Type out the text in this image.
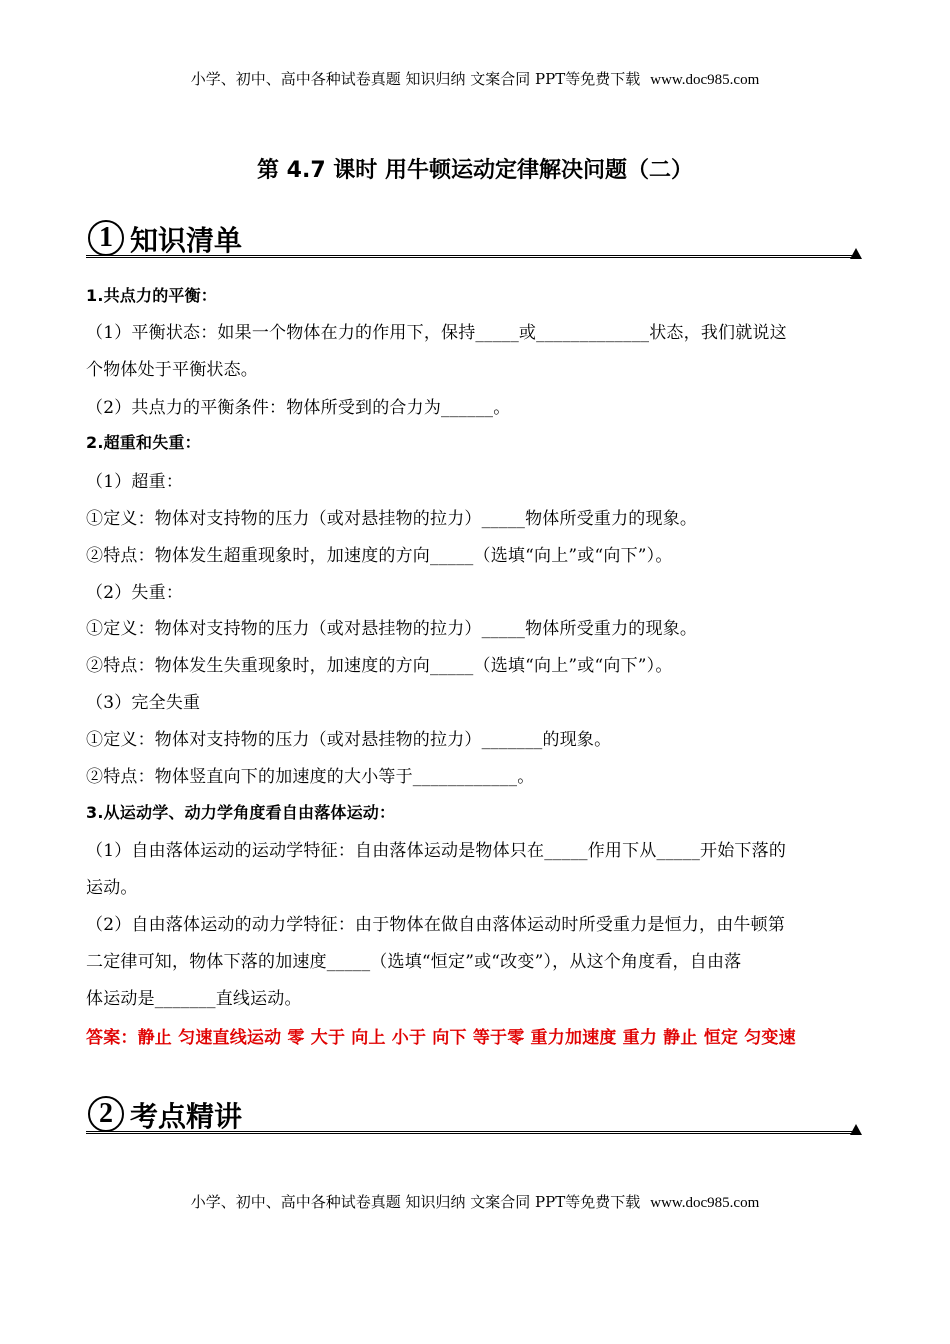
小学、初中、高中各种试卷真题 知识归纳 文案合同 PPT等免费下载 www.doc985.com
第 4.7 课时 用牛顿运动定律解决问题（二）
1 知识清单
1.共点力的平衡：
（1）平衡状态：如果一个物体在力的作用下，保持_____或_____________状态，我们就说这
个物体处于平衡状态。
（2）共点力的平衡条件：物体所受到的合力为______。
2.超重和失重：
（1）超重：
①定义：物体对支持物的压力（或对悬挂物的拉力）_____物体所受重力的现象。
②特点：物体发生超重现象时，加速度的方向_____（选填“向上”或“向下”）。
（2）失重：
①定义：物体对支持物的压力（或对悬挂物的拉力）_____物体所受重力的现象。
②特点：物体发生失重现象时，加速度的方向_____（选填“向上”或“向下”）。
（3）完全失重
①定义：物体对支持物的压力（或对悬挂物的拉力）_______的现象。
②特点：物体竖直向下的加速度的大小等于____________。
3.从运动学、动力学角度看自由落体运动：
（1）自由落体运动的运动学特征：自由落体运动是物体只在_____作用下从_____开始下落的
运动。
（2）自由落体运动的动力学特征：由于物体在做自由落体运动时所受重力是恒力，由牛顿第
二定律可知，物体下落的加速度_____（选填“恒定”或“改变”），从这个角度看，自由落
体运动是_______直线运动。
答案：静止 匀速直线运动 零 大于 向上 小于 向下 等于零 重力加速度 重力 静止 恒定 匀变速
2 考点精讲
小学、初中、高中各种试卷真题 知识归纳 文案合同 PPT等免费下载 www.doc985.com
